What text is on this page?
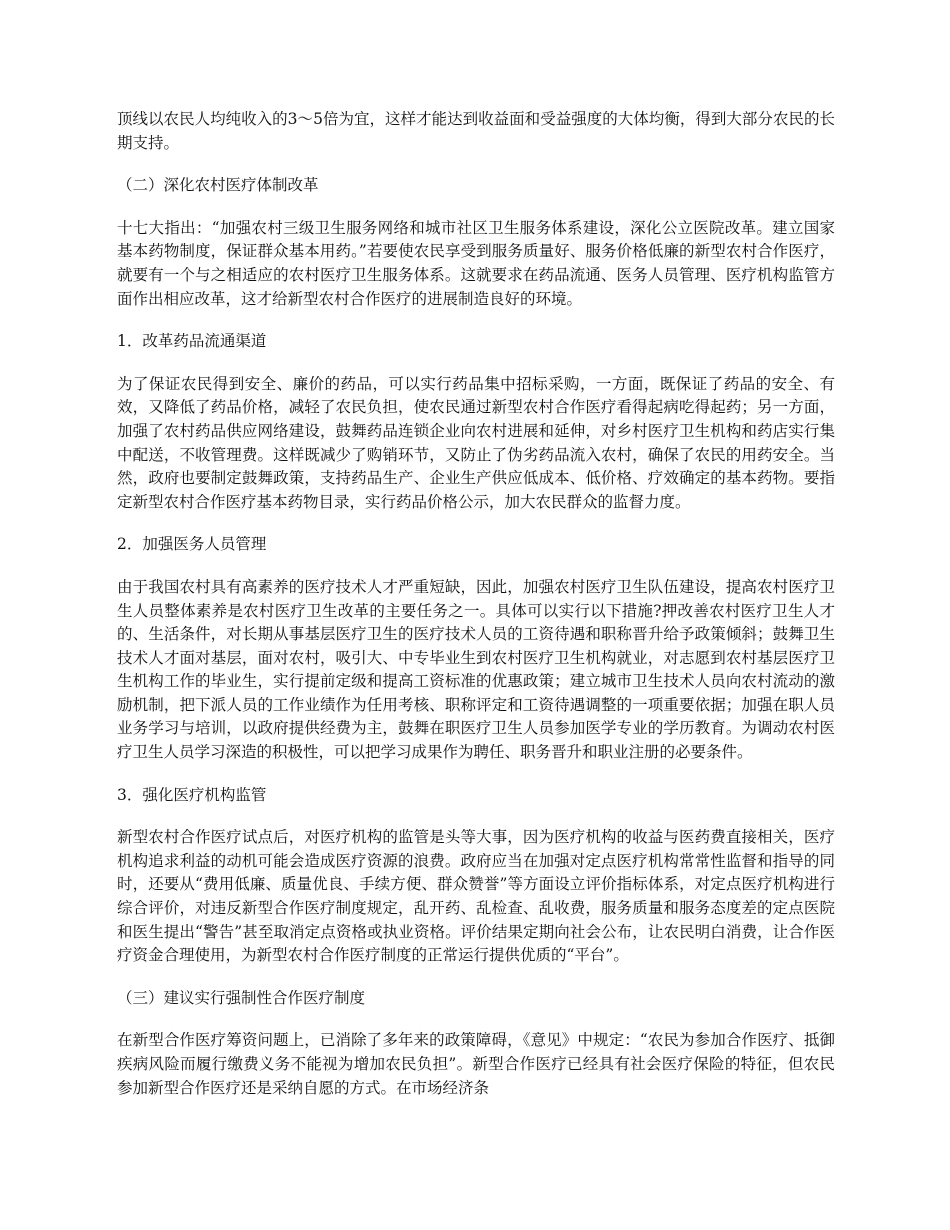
顶线以农民人均纯收入的3～5倍为宜，这样才能达到收益面和受益强度的大体均衡，得到大部分农民的长期支持。

（二）深化农村医疗体制改革

十七大指出：“加强农村三级卫生服务网络和城市社区卫生服务体系建设，深化公立医院改革。建立国家基本药物制度，保证群众基本用药。”若要使农民享受到服务质量好、服务价格低廉的新型农村合作医疗，就要有一个与之相适应的农村医疗卫生服务体系。这就要求在药品流通、医务人员管理、医疗机构监管方面作出相应改革，这才给新型农村合作医疗的进展制造良好的环境。

1．改革药品流通渠道

为了保证农民得到安全、廉价的药品，可以实行药品集中招标采购，一方面，既保证了药品的安全、有效，又降低了药品价格，减轻了农民负担，使农民通过新型农村合作医疗看得起病吃得起药；另一方面，加强了农村药品供应网络建设，鼓舞药品连锁企业向农村进展和延伸，对乡村医疗卫生机构和药店实行集中配送，不收管理费。这样既减少了购销环节，又防止了伪劣药品流入农村，确保了农民的用药安全。当然，政府也要制定鼓舞政策，支持药品生产、企业生产供应低成本、低价格、疗效确定的基本药物。要指定新型农村合作医疗基本药物目录，实行药品价格公示，加大农民群众的监督力度。

2．加强医务人员管理

由于我国农村具有高素养的医疗技术人才严重短缺，因此，加强农村医疗卫生队伍建设，提高农村医疗卫生人员整体素养是农村医疗卫生改革的主要任务之一。具体可以实行以下措施?押改善农村医疗卫生人才的、生活条件，对长期从事基层医疗卫生的医疗技术人员的工资待遇和职称晋升给予政策倾斜；鼓舞卫生技术人才面对基层，面对农村，吸引大、中专毕业生到农村医疗卫生机构就业，对志愿到农村基层医疗卫生机构工作的毕业生，实行提前定级和提高工资标准的优惠政策；建立城市卫生技术人员向农村流动的激励机制，把下派人员的工作业绩作为任用考核、职称评定和工资待遇调整的一项重要依据；加强在职人员业务学习与培训，以政府提供经费为主，鼓舞在职医疗卫生人员参加医学专业的学历教育。为调动农村医疗卫生人员学习深造的积极性，可以把学习成果作为聘任、职务晋升和职业注册的必要条件。

3．强化医疗机构监管

新型农村合作医疗试点后，对医疗机构的监管是头等大事，因为医疗机构的收益与医药费直接相关，医疗机构追求利益的动机可能会造成医疗资源的浪费。政府应当在加强对定点医疗机构常常性监督和指导的同时，还要从“费用低廉、质量优良、手续方便、群众赞誉”等方面设立评价指标体系，对定点医疗机构进行综合评价，对违反新型合作医疗制度规定，乱开药、乱检查、乱收费，服务质量和服务态度差的定点医院和医生提出“警告”甚至取消定点资格或执业资格。评价结果定期向社会公布，让农民明白消费，让合作医疗资金合理使用，为新型农村合作医疗制度的正常运行提供优质的“平台”。

（三）建议实行强制性合作医疗制度

在新型合作医疗筹资问题上，已消除了多年来的政策障碍，《意见》中规定：“农民为参加合作医疗、抵御疾病风险而履行缴费义务不能视为增加农民负担”。新型合作医疗已经具有社会医疗保险的特征，但农民参加新型合作医疗还是采纳自愿的方式。在市场经济条
